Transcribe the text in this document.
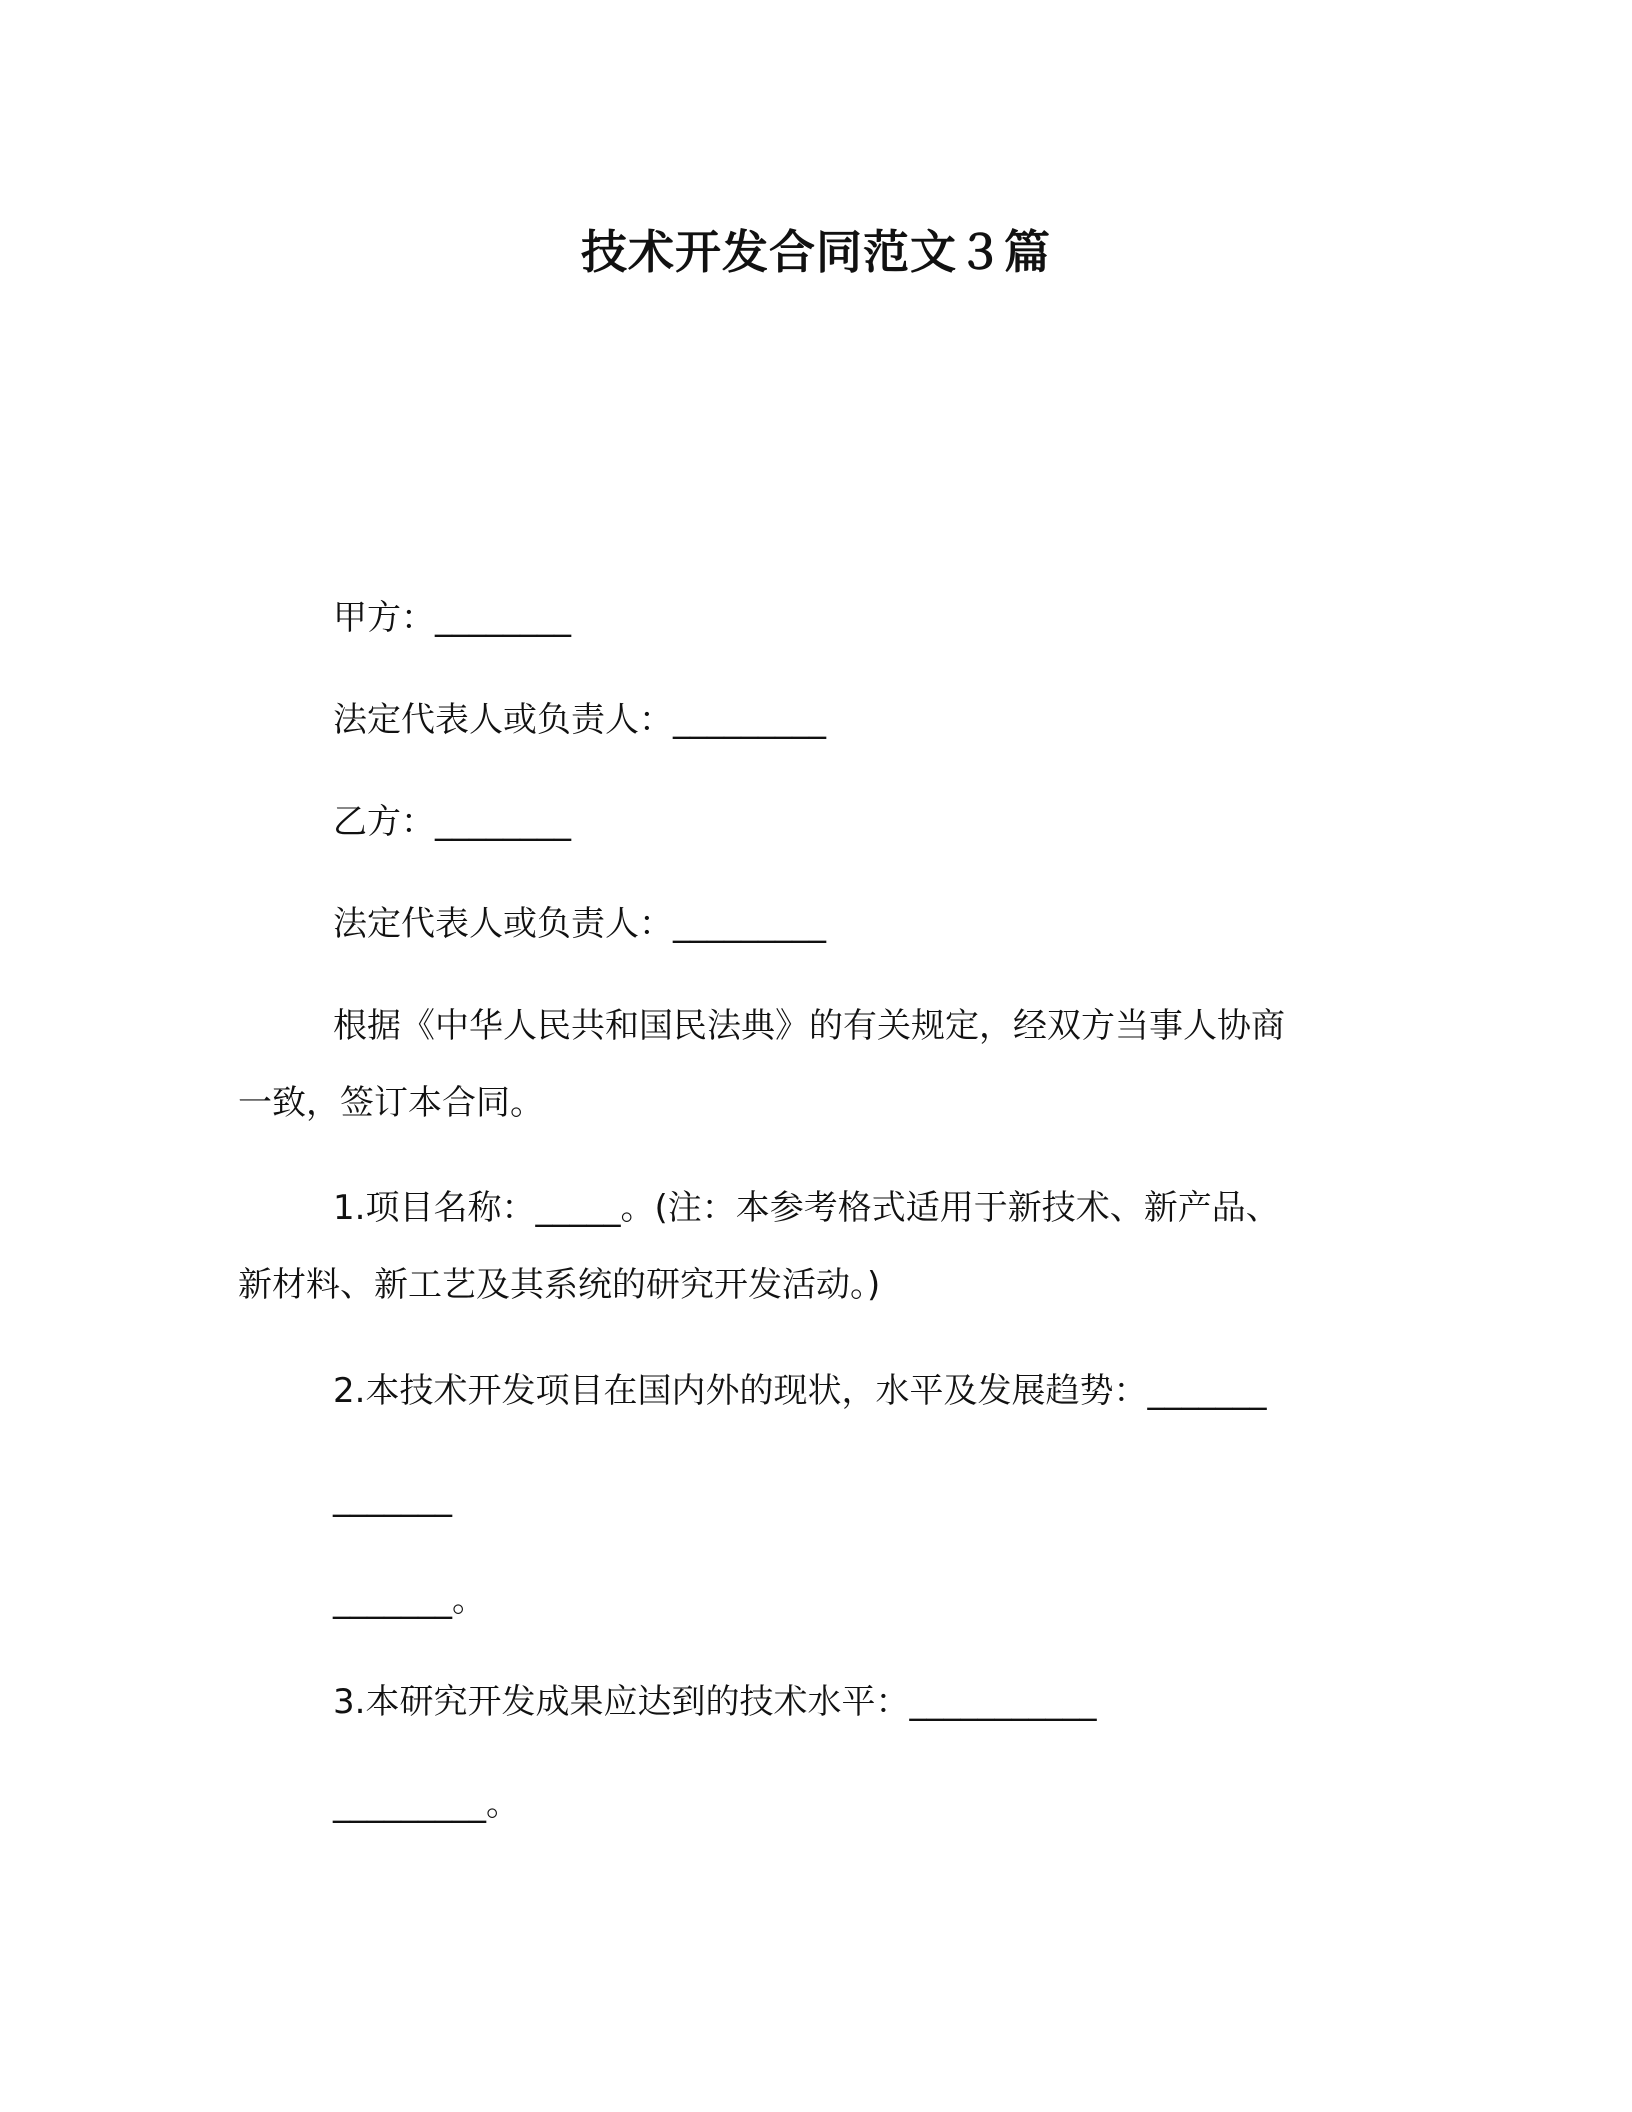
技术开发合同范文３篇
甲方：________
法定代表人或负责人：_________
乙方：________
法定代表人或负责人：_________
根据《中华人民共和国民法典》的有关规定，经双方当事人协商
一致，签订本合同。
1.项目名称：_____。(注：本参考格式适用于新技术、新产品、
新材料、新工艺及其系统的研究开发活动。)
2.本技术开发项目在国内外的现状，水平及发展趋势：_______
_______
_______。
3.本研究开发成果应达到的技术水平：___________
_________。
